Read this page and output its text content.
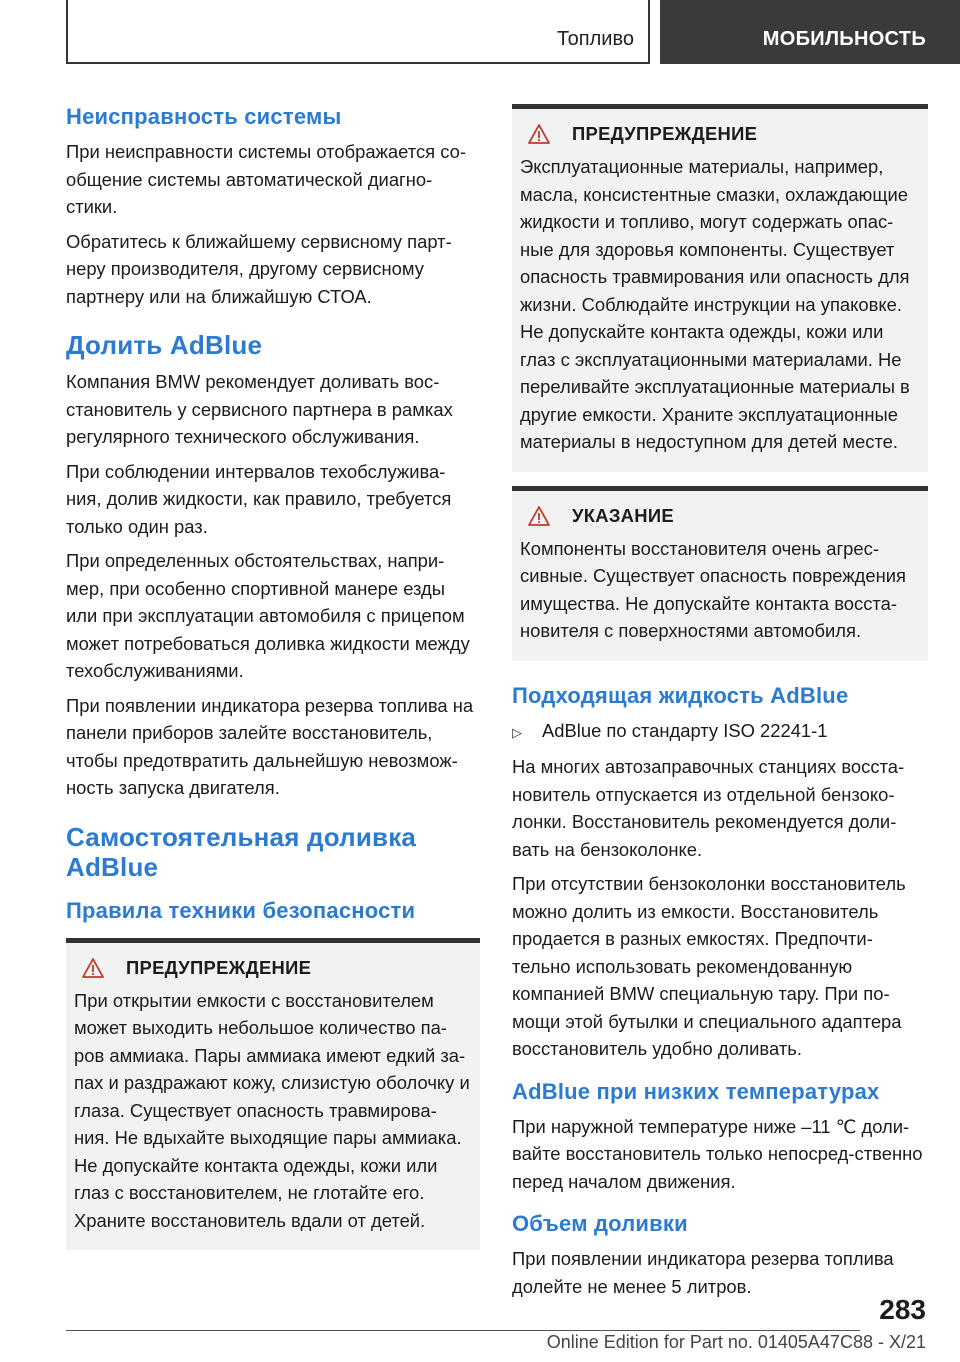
Топливо	МОБИЛЬНОСТЬ
Неисправность системы

При неисправности системы отображается со-общение системы автоматической диагно-стики.

Обратитесь к ближайшему сервисному парт-неру производителя, другому сервисному партнеру или на ближайшую СТОА.

Долить AdBlue

Компания BMW рекомендует доливать вос-становитель у сервисного партнера в рамках регулярного технического обслуживания.

При соблюдении интервалов техобслужива-ния, долив жидкости, как правило, требуется только один раз.

При определенных обстоятельствах, напри-мер, при особенно спортивной манере езды или при эксплуатации автомобиля с прицепом может потребоваться доливка жидкости между техобслуживаниями.

При появлении индикатора резерва топлива на панели приборов залейте восстановитель, чтобы предотвратить дальнейшую невозмож-ность запуска двигателя.

Самостоятельная доливка AdBlue
Правила техники безопасности
ПРЕДУПРЕЖДЕНИЕ

При открытии емкости с восстановителем может выходить небольшое количество па-ров аммиака. Пары аммиака имеют едкий за-пах и раздражают кожу, слизистую оболочку и глаза. Существует опасность травмирова-ния. Не вдыхайте выходящие пары аммиака. Не допускайте контакта одежды, кожи или глаз с восстановителем, не глотайте его. Храните восстановитель вдали от детей.

ПРЕДУПРЕЖДЕНИЕ

Эксплуатационные материалы, например, масла, консистентные смазки, охлаждающие жидкости и топливо, могут содержать опас-ные для здоровья компоненты. Существует опасность травмирования или опасность для жизни. Соблюдайте инструкции на упаковке. Не допускайте контакта одежды, кожи или глаз с эксплуатационными материалами. Не переливайте эксплуатационные материалы в другие емкости. Храните эксплуатационные материалы в недоступном для детей месте.

УКАЗАНИЕ

Компоненты восстановителя очень агрес-сивные. Существует опасность повреждения имущества. Не допускайте контакта восста-новителя с поверхностями автомобиля.

Подходящая жидкость AdBlue
▷	AdBlue по стандарту ISO 22241-1

На многих автозаправочных станциях восста-новитель отпускается из отдельной бензоко-лонки. Восстановитель рекомендуется доли-вать на бензоколонке.

При отсутствии бензоколонки восстановитель можно долить из емкости. Восстановитель продается в разных емкостях. Предпочти-тельно использовать рекомендованную компанией BMW специальную тару. При по-мощи этой бутылки и специального адаптера восстановитель удобно доливать.

AdBlue при низких температурах

При наружной температуре ниже –11 ℃ доли-вайте восстановитель только непосред-ственно перед началом движения.

Объем доливки

При появлении индикатора резерва топлива долейте не менее 5 литров.

283
Online Edition for Part no. 01405A47C88 - X/21
